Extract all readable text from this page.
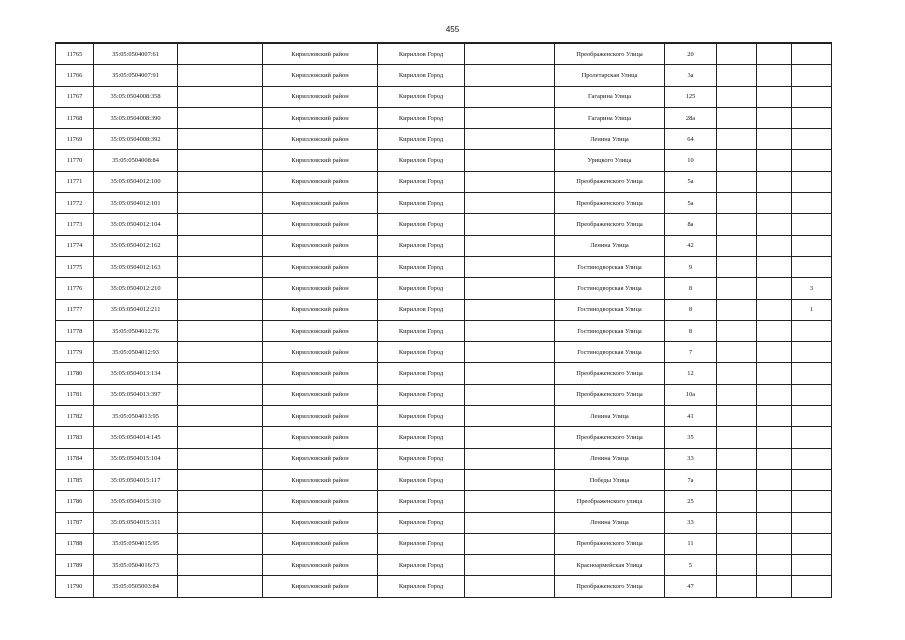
455
11765	35:05:0504007:61		Кирилловский район	Кириллов Город		Преображенского Улица	20			
11766	35:05:0504007:91		Кирилловский район	Кириллов Город		Пролетарская Улица	3а			
11767	35:05:0504008:358		Кирилловский район	Кириллов Город		Гагарина Улица	125			
11768	35:05:0504008:390		Кирилловский район	Кириллов Город		Гагарина Улица	28а			
11769	35:05:0504008:392		Кирилловский район	Кириллов Город		Ленина Улица	64			
11770	35:05:0504008:84		Кирилловский район	Кириллов Город		Урицкого Улица	10			
11771	35:05:0504012:100		Кирилловский район	Кириллов Город		Преображенского Улица	5а			
11772	35:05:0504012:101		Кирилловский район	Кириллов Город		Преображенского Улица	5а			
11773	35:05:0504012:104		Кирилловский район	Кириллов Город		Преображенского Улица	8а			
11774	35:05:0504012:162		Кирилловский район	Кириллов Город		Ленина Улица	42			
11775	35:05:0504012:163		Кирилловский район	Кириллов Город		Гостинодворская Улица	9			
11776	35:05:0504012:210		Кирилловский район	Кириллов Город		Гостинодворская Улица	8			3
11777	35:05:0504012:211		Кирилловский район	Кириллов Город		Гостинодворская Улица	8			1
11778	35:05:0504012:76		Кирилловский район	Кириллов Город		Гостинодворская Улица	8			
11779	35:05:0504012:93		Кирилловский район	Кириллов Город		Гостинодворская Улица	7			
11780	35:05:0504013:134		Кирилловский район	Кириллов Город		Преображенского Улица	12			
11781	35:05:0504013:397		Кирилловский район	Кириллов Город		Преображенского Улица	10а			
11782	35:05:0504013:95		Кирилловский район	Кириллов Город		Ленина Улица	41			
11783	35:05:0504014:145		Кирилловский район	Кириллов Город		Преображенского Улица	35			
11784	35:05:0504015:104		Кирилловский район	Кириллов Город		Ленина Улица	33			
11785	35:05:0504015:117		Кирилловский район	Кириллов Город		Победы Улица	7а			
11786	35:05:0504015:310		Кирилловский район	Кириллов Город		Преображенского улица	25			
11787	35:05:0504015:311		Кирилловский район	Кириллов Город		Ленина Улица	33			
11788	35:05:0504015:95		Кирилловский район	Кириллов Город		Преображенского Улица	11			
11789	35:05:0504016:73		Кирилловский район	Кириллов Город		Красноармейская Улица	5			
11790	35:05:0505003:84		Кирилловский район	Кириллов Город		Преображенского Улица	47			
